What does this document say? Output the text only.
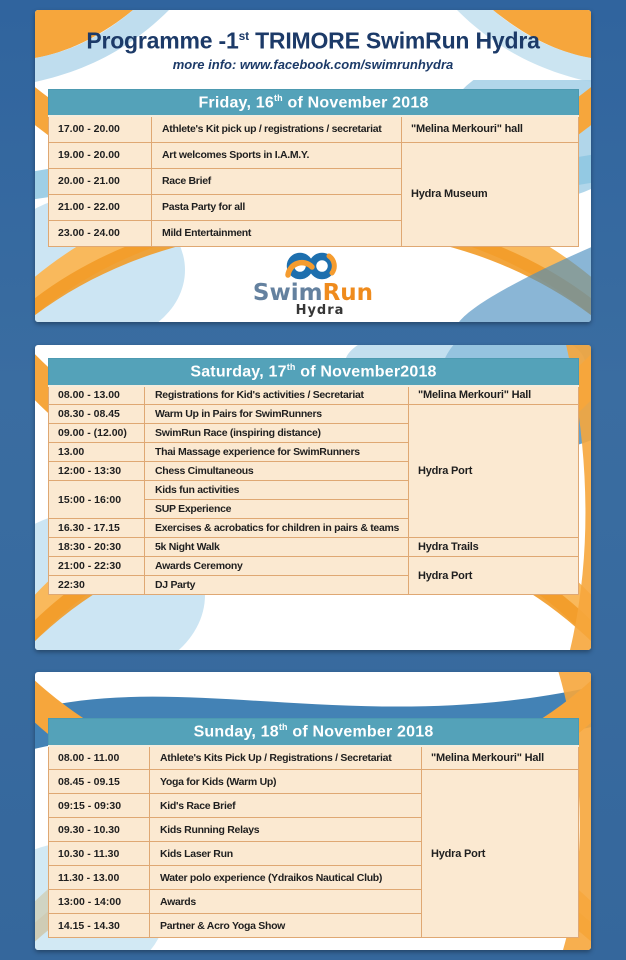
Programme -1st TRIMORE SwimRun Hydra
more info: www.facebook.com/swimrunhydra
Friday, 16th of November 2018		
17.00 - 20.00	Athlete's Kit pick up / registrations / secretariat	"Melina Merkouri" hall
19.00 - 20.00	Art welcomes Sports in I.A.M.Y.	Hydra Museum
20.00 - 21.00	Race Brief	
21.00 - 22.00	Pasta Party for all	
23.00 - 24.00	Mild Entertainment	
SwimRun
Hydra
Saturday, 17th of November2018		
08.00 - 13.00	Registrations for Kid's activities / Secretariat	"Melina Merkouri" Hall
08.30 - 08.45	Warm Up in Pairs for SwimRunners	Hydra Port
09.00 - (12.00)	SwimRun Race (inspiring distance)	
13.00	Thai Massage experience for SwimRunners	
12:00 - 13:30	Chess Cimultaneous	
15:00 - 16:00	Kids fun activities	
	SUP Experience	
16.30 - 17.15	Exercises & acrobatics for children in pairs & teams	
18:30 - 20:30	5k Night Walk	Hydra Trails
21:00 - 22:30	Awards Ceremony	Hydra Port
22:30	DJ Party	
Sunday, 18th of November 2018		
08.00 - 11.00	Athlete's Kits Pick Up / Registrations / Secretariat	"Melina Merkouri" Hall
08.45 - 09.15	Yoga for Kids (Warm Up)	Hydra Port
09:15 - 09:30	Kid's Race Brief	
09.30 - 10.30	Kids Running Relays	
10.30 - 11.30	Kids Laser Run	
11.30 - 13.00	Water polo experience (Ydraikos Nautical Club)	
13:00 - 14:00	Awards	
14.15 - 14.30	Partner & Acro Yoga Show	
